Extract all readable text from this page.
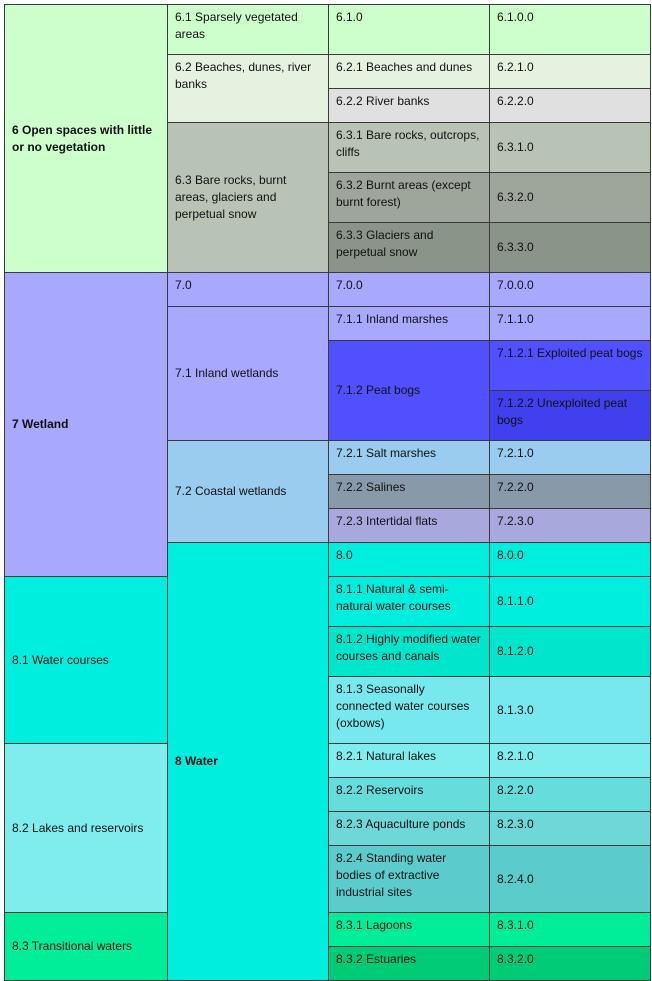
6 Open spaces with little or no vegetation	6.1 Sparsely vegetated areas	6.1.0	6.1.0.0	
	6.2 Beaches, dunes, river banks	6.2.1 Beaches and dunes	6.2.1.0	
		6.2.2 River banks	6.2.2.0	
	6.3 Bare rocks, burnt areas, glaciers and perpetual snow	6.3.1 Bare rocks, outcrops, cliffs	6.3.1.0	
		6.3.2 Burnt areas (except burnt forest)	6.3.2.0	
		6.3.3 Glaciers and perpetual snow	6.3.3.0	
7 Wetland	7.0	7.0.0	7.0.0.0	
	7.1 Inland wetlands	7.1.1 Inland marshes	7.1.1.0	
		7.1.2 Peat bogs	7.1.2.1 Exploited peat bogs	
			7.1.2.2 Unexploited peat bogs	
	7.2 Coastal wetlands	7.2.1 Salt marshes	7.2.1.0	
		7.2.2 Salines	7.2.2.0	
		7.2.3 Intertidal flats	7.2.3.0	
	8 Water	8.0	8.0.0	
8.1 Water courses		8.1.1 Natural & semi-natural water courses	8.1.1.0	
		8.1.2 Highly modified water courses and canals	8.1.2.0	
		8.1.3 Seasonally connected water courses (oxbows)	8.1.3.0	
8.2 Lakes and reservoirs		8.2.1 Natural lakes	8.2.1.0	
		8.2.2 Reservoirs	8.2.2.0	
		8.2.3 Aquaculture ponds	8.2.3.0	
		8.2.4 Standing water bodies of extractive industrial sites	8.2.4.0	
8.3 Transitional waters		8.3.1 Lagoons	8.3.1.0	
		8.3.2 Estuaries	8.3.2.0	
